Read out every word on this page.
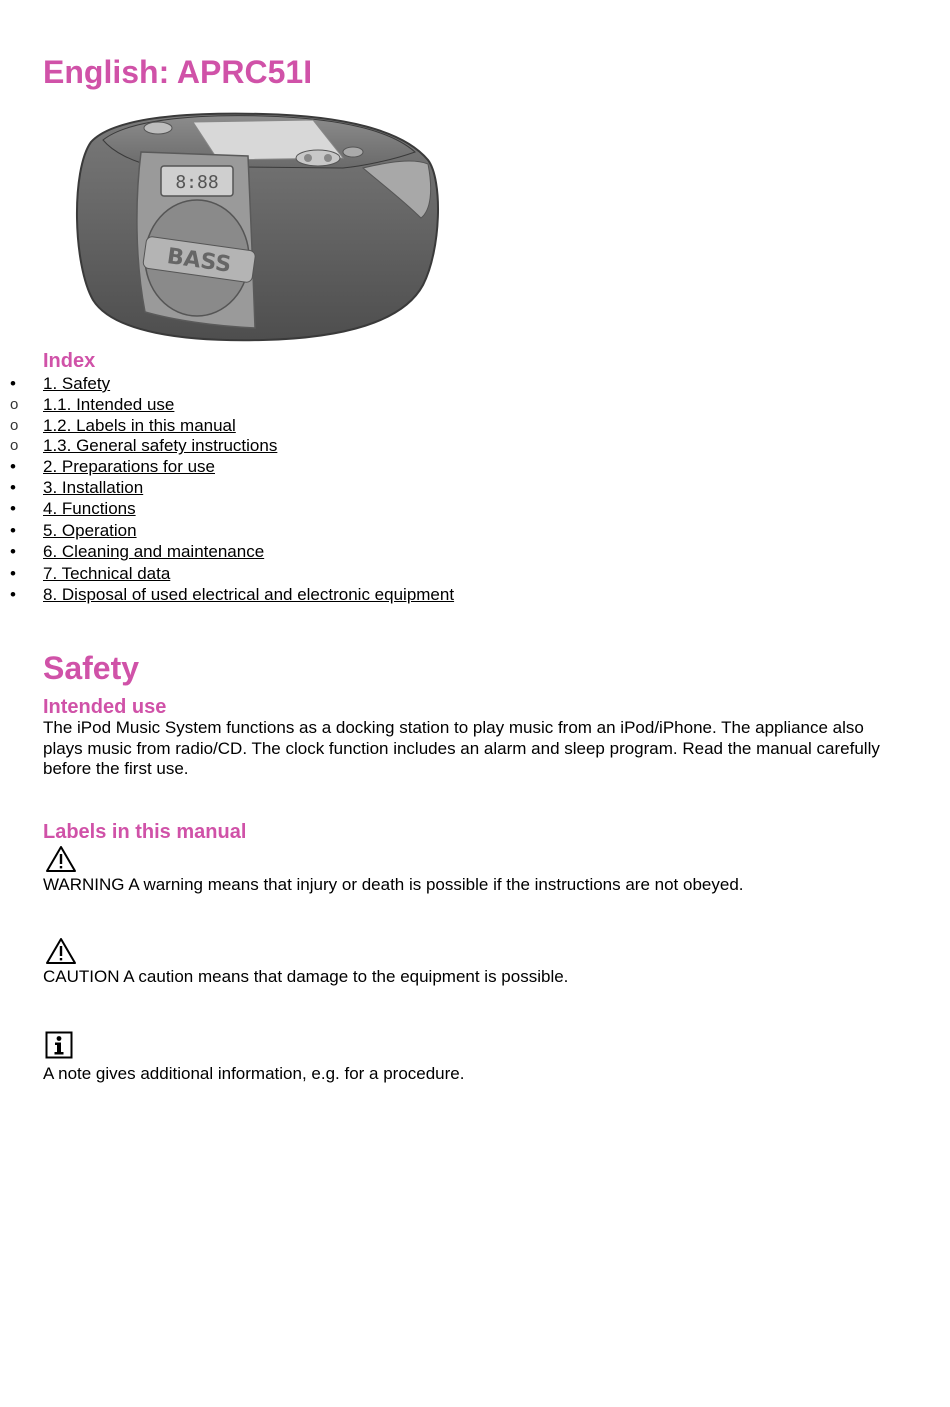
English: APRC51I
8:88
BASS
Index
•	1. Safety
o	1.1. Intended use
o	1.2. Labels in this manual
o	1.3. General safety instructions
•	2. Preparations for use
•	3. Installation
•	4. Functions
•	5. Operation
•	6. Cleaning and maintenance
•	7. Technical data
•	8. Disposal of used electrical and electronic equipment
Safety
Intended use

The iPod Music System functions as a docking station to play music from an iPod/iPhone. The appliance also plays music from radio/CD. The clock function includes an alarm and sleep program. Read the manual carefully before the first use.

Labels in this manual

WARNING A warning means that injury or death is possible if the instructions are not obeyed.

CAUTION A caution means that damage to the equipment is possible.

A note gives additional information, e.g. for a procedure.
